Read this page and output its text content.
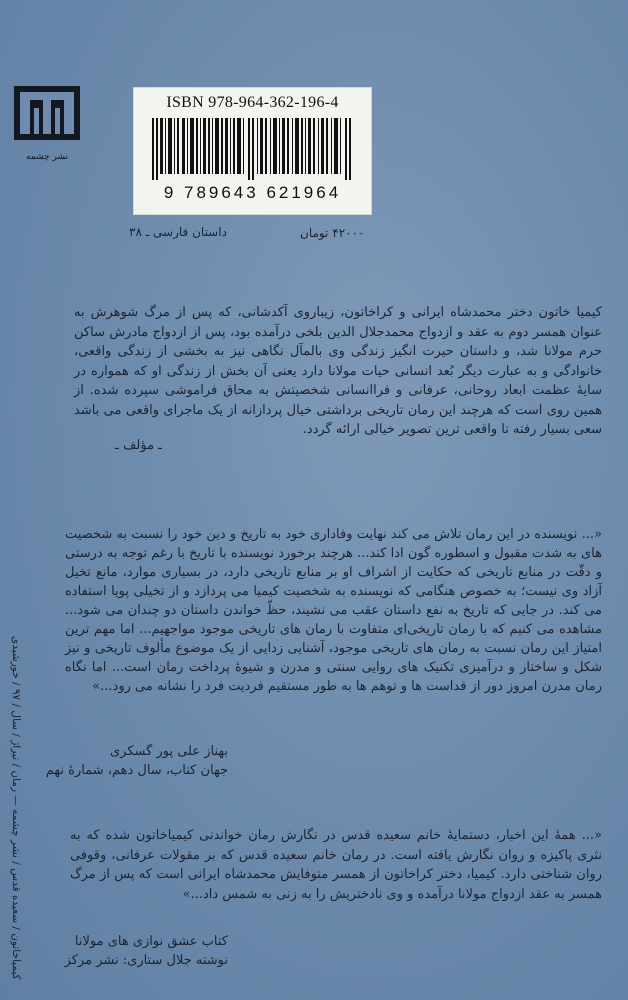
نشر چشمه
ISBN 978-964-362-196-4
9 789643 621964
۴۲۰۰۰ تومان
داستان فارسی ـ ۳۸
کیمیاخاتون / سعیده قدس / نشر چشمه — رمان / تیراژ / سال / ۹۷ / خورشیدی
کیمیا خاتون دختر محمدشاه ایرانی و کراخاتون، زیباروی آکدشانی، که پس از مرگ شوهرش به عنوان همسر دوم به عقد و ازدواج محمدجلال الدین بلخی درآمده بود، پس از ازدواج مادرش ساکن حرم مولانا شد، و داستان حیرت انگیز زندگی وی بالمآل نگاهی نیز به بخشی از زندگی واقعی، خانوادگی و به عبارت دیگر بُعد انسانی حیات مولانا دارد یعنی آن بخش از زندگی او که همواره در سایهٔ عظمت ابعاد روحانی، عرفانی و فراانسانی شخصیتش به محاق فراموشی سپرده شده. از همین روی است که هرچند این رمان تاریخی برداشتی خیال پردازانه از یک ماجرای واقعی می باشد سعی بسیار رفته تا واقعی ترین تصویر خیالی ارائه گردد.
ـ مؤلف ـ
«... نویسنده در این رمان تلاش می کند نهایت وفاداری خود به تاریخ و دین خود را نسبت به شخصیت های به شدت مقبول و اسطوره گون ادا کند... هرچند برخورد نویسنده با تاریخ با رغم توجه به درستی و دقّت در منابع تاریخی که حکایت از اشراف او بر منابع تاریخی دارد، در بسیاری موارد، مانع تخیل آزاد وی نیست؛ به خصوص هنگامی که نویسنده به شخصیت کیمیا می پردازد و از تخیلی پویا استفاده می کند. در جایی که تاریخ به نفع داستان عقب می نشیند، حظّ خواندن داستان دو چندان می شود... مشاهده می کنیم که با رمان تاریخی‌ای متفاوت با رمان های تاریخی موجود مواجهیم... اما مهم ترین امتیاز این رمان نسبت به رمان های تاریخی موجود، آشنایی زدایی از یک موضوع مألوف تاریخی و نیز شکل و ساختار و درآمیزی تکنیک های روایی سنتی و مدرن و شیوهٔ پرداخت رمان است... اما نگاه رمان مدرن امروز دور از قداست ها و توهم ها به طور مستقیم فردیت فرد را نشانه می رود...»
بهناز علی پور گسکری
جهان کتاب، سال دهم، شمارهٔ نهم
«... همهٔ این اخبار، دستمایهٔ خانم سعیده قدس در نگارش رمان خواندنی کیمیاخاتون شده که به نثری پاکیزه و روان نگارش یافته است. در رمان خانم سعیده قدس که بر مقولات عرفانی، وقوفی روان شناختی دارد. کیمیا، دختر کراخاتون از همسر متوفایش محمدشاه ایرانی است که پس از مرگ همسر به عقد ازدواج مولانا درآمده و وی نادختریش را به زنی به شمس داد...»
کتاب عشق نوازی های مولانا
نوشته جلال ستاری: نشر مرکز
